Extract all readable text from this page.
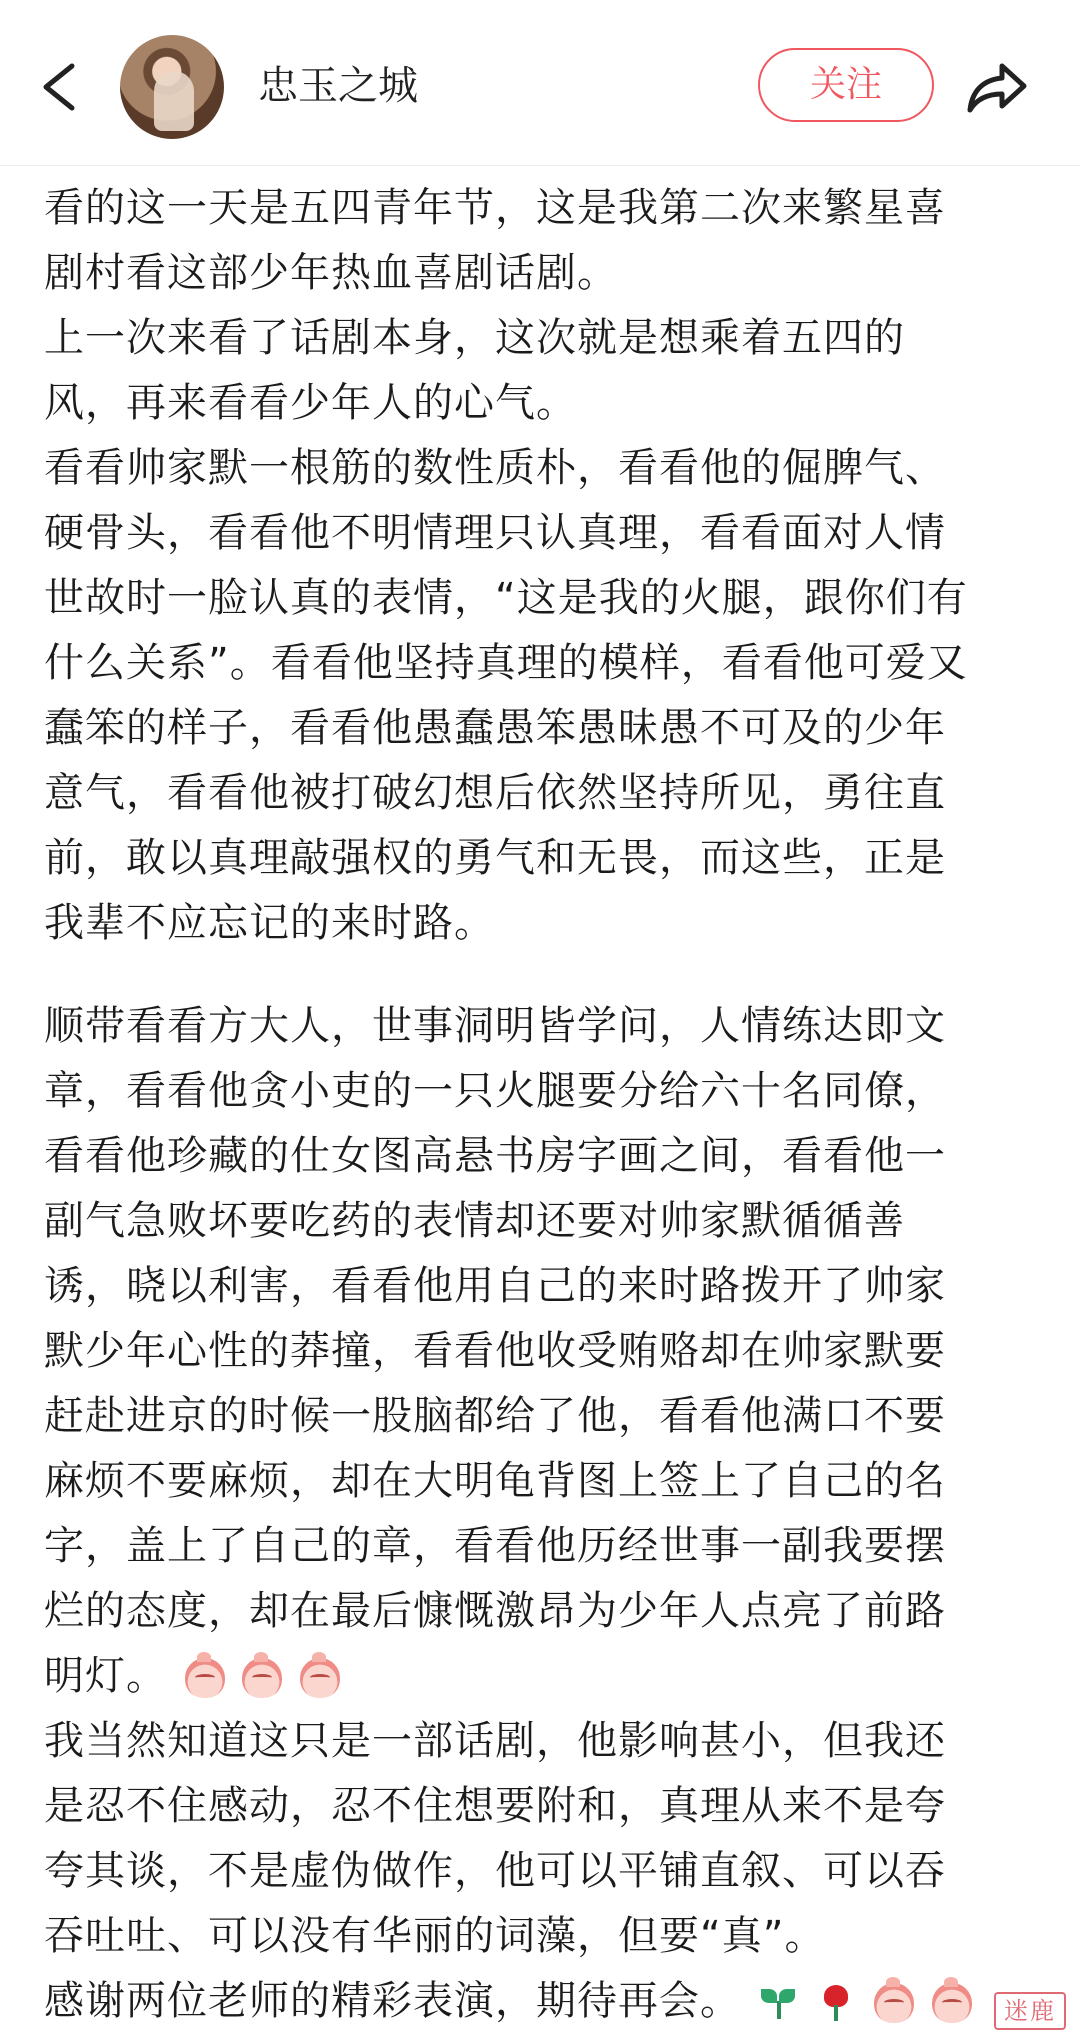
忠玉之城	关注
看的这一天是五四青年节，这是我第二次来繁星喜
剧村看这部少年热血喜剧话剧。
上一次来看了话剧本身，这次就是想乘着五四的
风，再来看看少年人的心气。
看看帅家默一根筋的数性质朴，看看他的倔脾气、
硬骨头，看看他不明情理只认真理，看看面对人情
世故时一脸认真的表情，“这是我的火腿，跟你们有
什么关系”。看看他坚持真理的模样，看看他可爱又
蠢笨的样子，看看他愚蠢愚笨愚昧愚不可及的少年
意气，看看他被打破幻想后依然坚持所见，勇往直
前，敢以真理敲强权的勇气和无畏，而这些，正是
我辈不应忘记的来时路。
顺带看看方大人，世事洞明皆学问，人情练达即文
章，看看他贪小吏的一只火腿要分给六十名同僚，
看看他珍藏的仕女图高悬书房字画之间，看看他一
副气急败坏要吃药的表情却还要对帅家默循循善
诱，晓以利害，看看他用自己的来时路拨开了帅家
默少年心性的莽撞，看看他收受贿赂却在帅家默要
赶赴进京的时候一股脑都给了他，看看他满口不要
麻烦不要麻烦，却在大明龟背图上签上了自己的名
字，盖上了自己的章，看看他历经世事一副我要摆
烂的态度，却在最后慷慨激昂为少年人点亮了前路
明灯。
我当然知道这只是一部话剧，他影响甚小，但我还
是忍不住感动，忍不住想要附和，真理从来不是夸
夸其谈，不是虚伪做作，他可以平铺直叙、可以吞
吞吐吐、可以没有华丽的词藻，但要“真”。
感谢两位老师的精彩表演，期待再会。
	迷鹿
